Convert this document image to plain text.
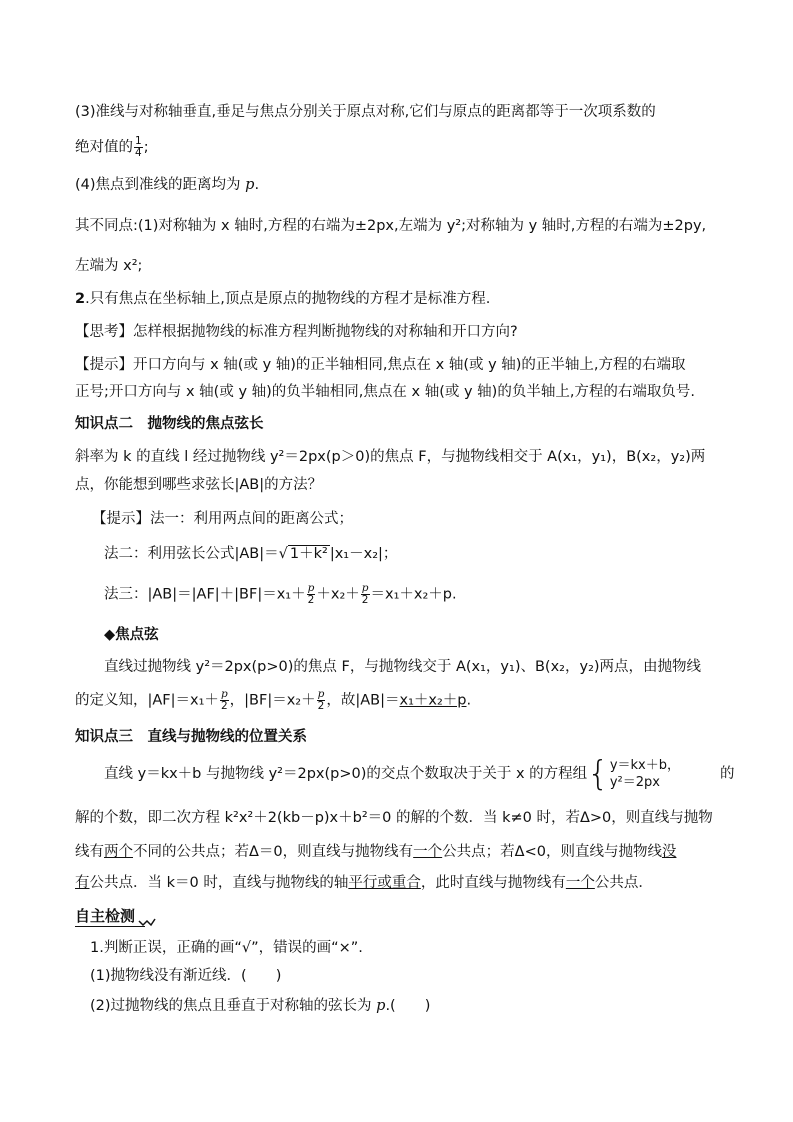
(3)准线与对称轴垂直,垂足与焦点分别关于原点对称,它们与原点的距离都等于一次项系数的
绝对值的 $\frac{1}{4}$ ;
(4)焦点到准线的距离均为 p.
其不同点:(1)对称轴为 x 轴时,方程的右端为±2px,左端为 y²;对称轴为 y 轴时,方程的右端为±2py,
左端为 x²;
2.只有焦点在坐标轴上,顶点是原点的抛物线的方程才是标准方程.
【思考】怎样根据抛物线的标准方程判断抛物线的对称轴和开口方向?
【提示】开口方向与 x 轴(或 y 轴)的正半轴相同,焦点在 x 轴(或 y 轴)的正半轴上,方程的右端取
正号;开口方向与 x 轴(或 y 轴)的负半轴相同,焦点在 x 轴(或 y 轴)的负半轴上,方程的右端取负号.
知识点二　抛物线的焦点弦长
斜率为 k 的直线 l 经过抛物线 y²＝2px(p＞0)的焦点 F，与抛物线相交于 A(x₁，y₁)，B(x₂，y₂)两
点，你能想到哪些求弦长|AB|的方法？
【提示】法一：利用两点间的距离公式；
法二：利用弦长公式|AB|＝√ 1＋k² |x₁－x₂|；
法三：$|AB|=|AF|+|BF|=x_1+ \frac{p}{2} +x_2+ \frac{p}{2} =x_1+x_2+p$.
◆焦点弦
直线过抛物线 y²＝2px(p>0)的焦点 F，与抛物线交于 A(x₁，y₁)、B(x₂，y₂)两点，由抛物线
的定义知，$|AF|=x_1+ \frac{p}{2}$ ，$|BF|=x_2+ \frac{p}{2}$ ，故|AB|＝x₁＋x₂＋p.
知识点三　直线与抛物线的位置关系
直线 y＝kx＋b 与抛物线 y²＝2px(p>0)的交点个数取决于关于 x 的方程组{ y＝kx＋b，
y²＝2px
的
解的个数，即二次方程 k²x²＋2(kb－p)x＋b²＝0 的解的个数．当 k≠0 时，若Δ>0，则直线与抛物
线有两个不同的公共点；若Δ＝0，则直线与抛物线有一个公共点；若Δ<0，则直线与抛物线没
有公共点．当 k＝0 时，直线与抛物线的轴平行或重合，此时直线与抛物线有一个公共点．
自主检测
1.判断正误，正确的画“√”，错误的画“×”.
(1)抛物线没有渐近线．(　　)
(2)过抛物线的焦点且垂直于对称轴的弦长为 p.(　　)
